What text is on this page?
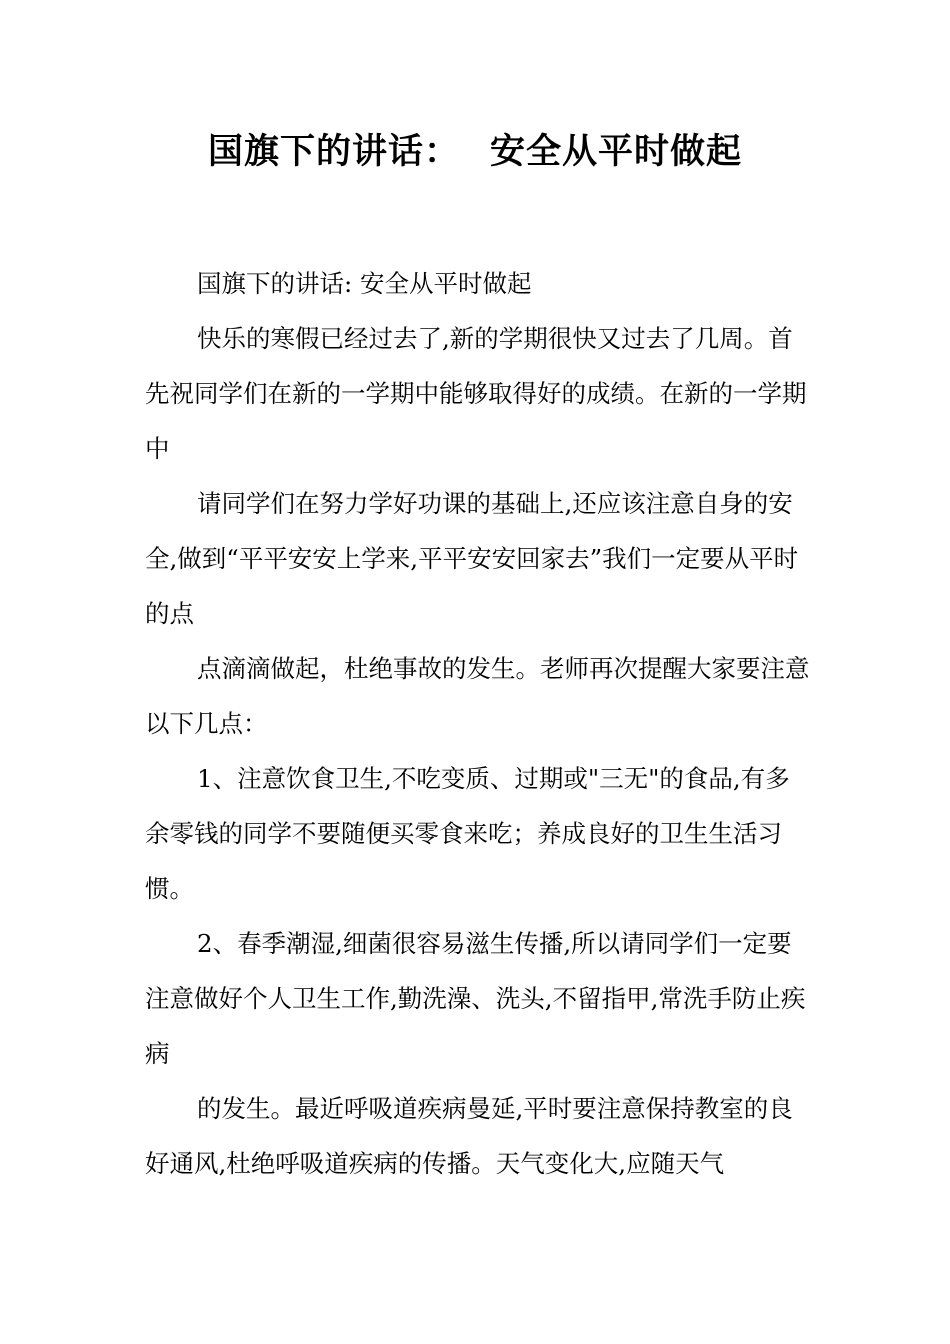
国旗下的讲话： 安全从平时做起

国旗下的讲话: 安全从平时做起

快乐的寒假已经过去了,新的学期很快又过去了几周。首先祝同学们在新的一学期中能够取得好的成绩。在新的一学期中

请同学们在努力学好功课的基础上,还应该注意自身的安全,做到“平平安安上学来,平平安安回家去”我们一定要从平时的点

点滴滴做起，杜绝事故的发生。老师再次提醒大家要注意以下几点：

1、注意饮食卫生,不吃变质、过期或"三无"的食品,有多余零钱的同学不要随便买零食来吃；养成良好的卫生生活习惯。

2、春季潮湿,细菌很容易滋生传播,所以请同学们一定要注意做好个人卫生工作,勤洗澡、洗头,不留指甲,常洗手防止疾病

的发生。最近呼吸道疾病曼延,平时要注意保持教室的良好通风,杜绝呼吸道疾病的传播。天气变化大,应随天气
